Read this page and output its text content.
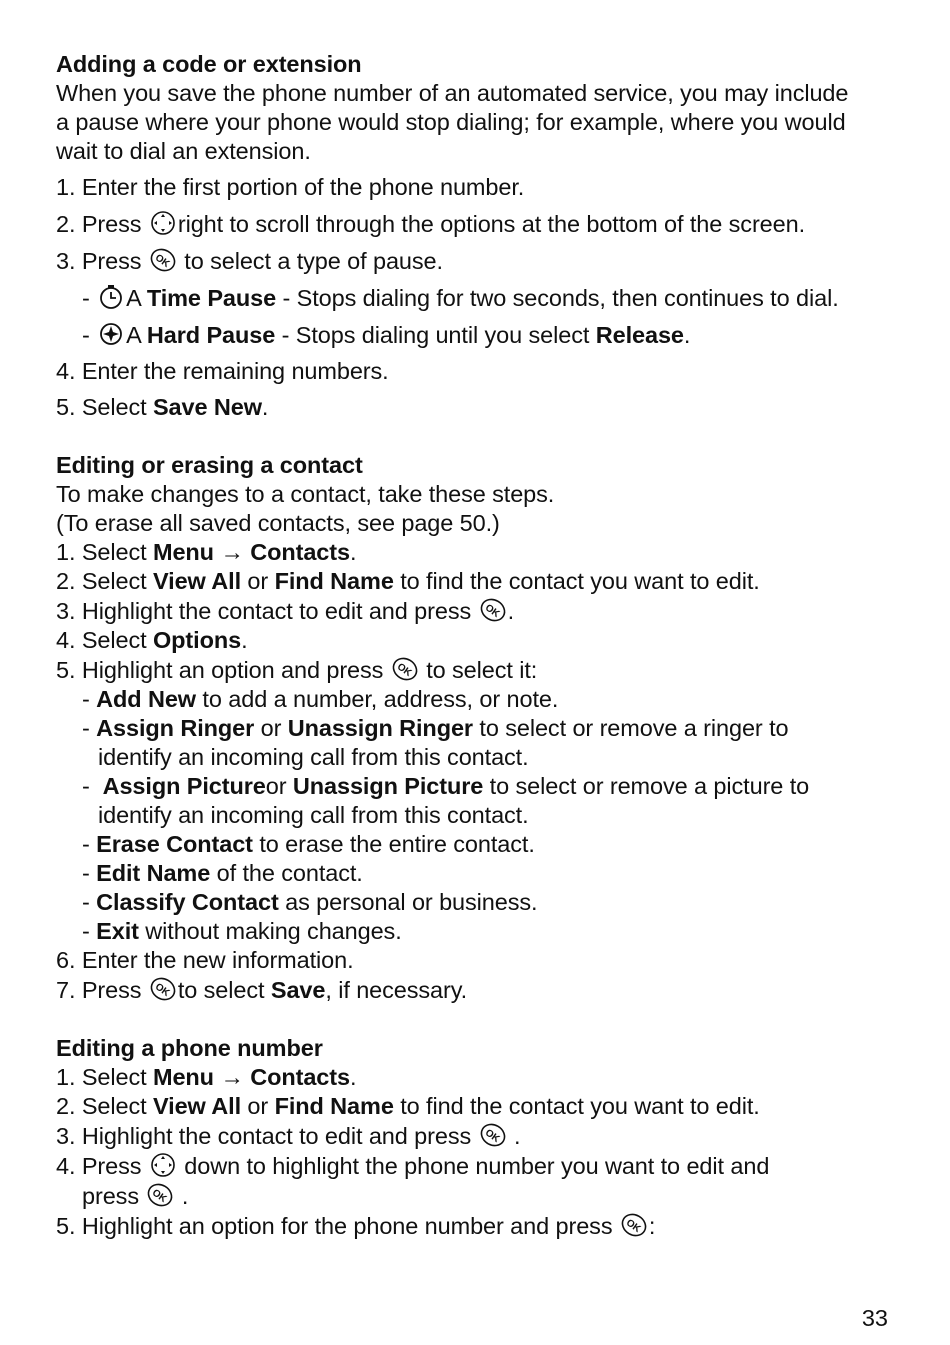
Adding a code or extension
When you save the phone number of an automated service, you may include
a pause where your phone would stop dialing; for example, where you would
wait to dial an extension.
1. Enter the first portion of the phone number.
2. Press right to scroll through the options at the bottom of the screen.
3. Press OK to select a type of pause.
-
A Time Pause - Stops dialing for two seconds, then continues to dial.
-
A Hard Pause - Stops dialing until you select Release.
4. Enter the remaining numbers.
5. Select Save New.
Editing or erasing a contact
To make changes to a contact, take these steps.
(To erase all saved contacts, see page 50.)
1. Select Menu → Contacts.
2. Select View All or Find Name to find the contact you want to edit.
3. Highlight the contact to edit and press OK .
4. Select Options.
5. Highlight an option and press OK to select it:
- Add New to add a number, address, or note.
- Assign Ringer or Unassign Ringer to select or remove a ringer to
identify an incoming call from this contact.
-  Assign Pictureor Unassign Picture to select or remove a picture to
identify an incoming call from this contact.
- Erase Contact to erase the entire contact.
- Edit Name of the contact.
- Classify Contact as personal or business.
- Exit without making changes.
6. Enter the new information.
7. Press OK to select Save, if necessary.
Editing a phone number
1. Select Menu → Contacts.
2. Select View All or Find Name to find the contact you want to edit.
3. Highlight the contact to edit and press OK .
4. Press
down to highlight the phone number you want to edit and
press OK .
5. Highlight an option for the phone number and press OK :
33
